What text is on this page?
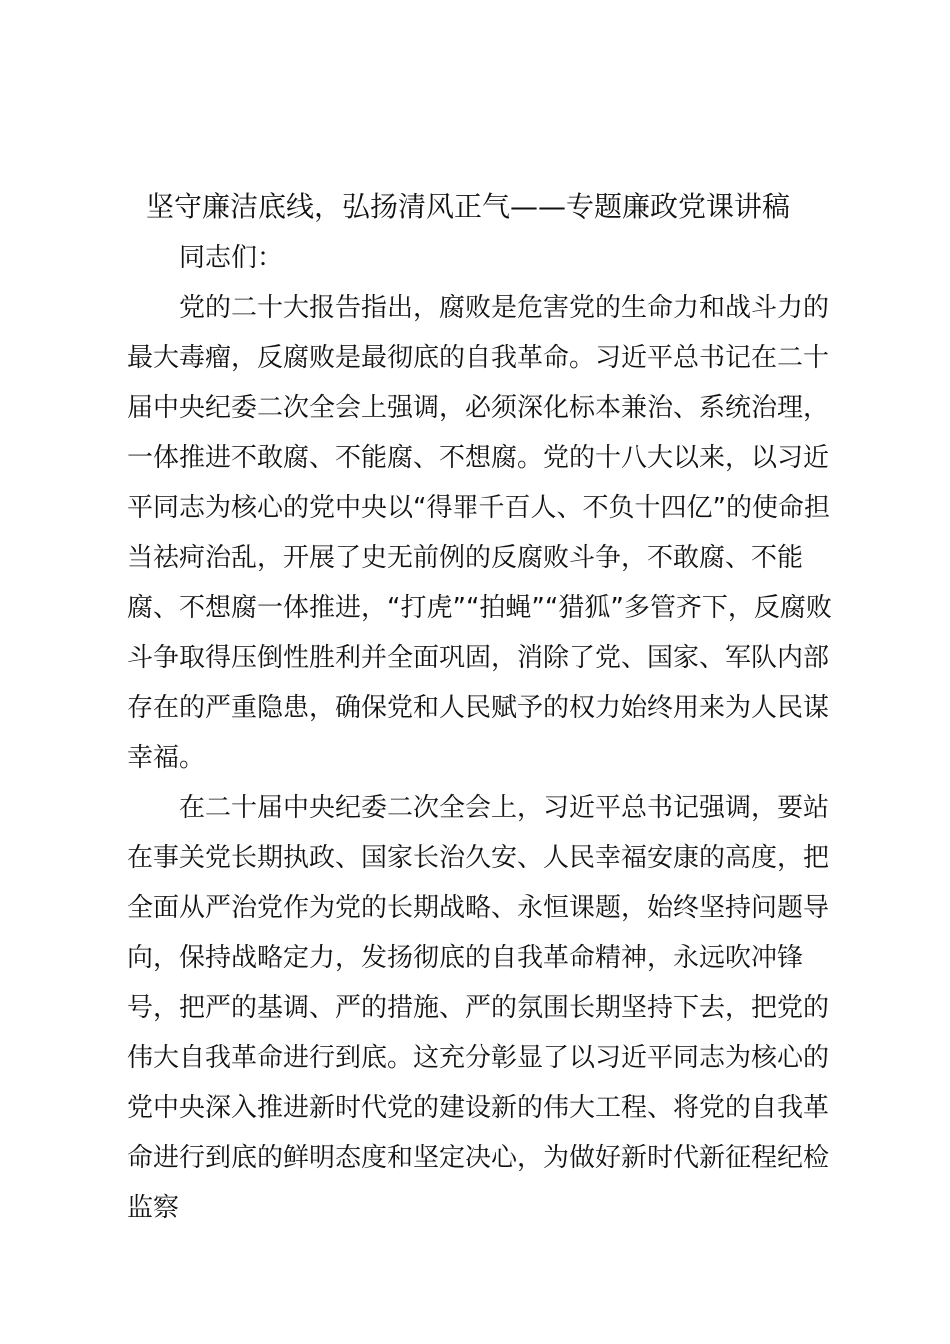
坚守廉洁底线，弘扬清风正气——专题廉政党课讲稿

同志们：

党的二十大报告指出，腐败是危害党的生命力和战斗力的最大毒瘤，反腐败是最彻底的自我革命。习近平总书记在二十届中央纪委二次全会上强调，必须深化标本兼治、系统治理，一体推进不敢腐、不能腐、不想腐。党的十八大以来，以习近平同志为核心的党中央以“得罪千百人、不负十四亿”的使命担当祛疴治乱，开展了史无前例的反腐败斗争，不敢腐、不能腐、不想腐一体推进，“打虎”“拍蝇”“猎狐”多管齐下，反腐败斗争取得压倒性胜利并全面巩固，消除了党、国家、军队内部存在的严重隐患，确保党和人民赋予的权力始终用来为人民谋幸福。

在二十届中央纪委二次全会上，习近平总书记强调，要站在事关党长期执政、国家长治久安、人民幸福安康的高度，把全面从严治党作为党的长期战略、永恒课题，始终坚持问题导向，保持战略定力，发扬彻底的自我革命精神，永远吹冲锋号，把严的基调、严的措施、严的氛围长期坚持下去，把党的伟大自我革命进行到底。这充分彰显了以习近平同志为核心的党中央深入推进新时代党的建设新的伟大工程、将党的自我革命进行到底的鲜明态度和坚定决心，为做好新时代新征程纪检监察
